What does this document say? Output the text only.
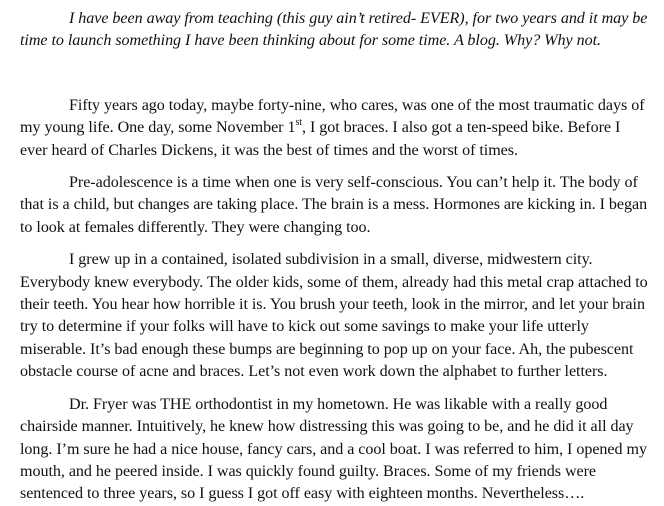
I have been away from teaching (this guy ain’t retired- EVER), for two years and it may be time to launch something I have been thinking about for some time. A blog. Why? Why not.

Fifty years ago today, maybe forty-nine, who cares, was one of the most traumatic days of my young life. One day, some November 1st, I got braces. I also got a ten-speed bike. Before I ever heard of Charles Dickens, it was the best of times and the worst of times.

Pre-adolescence is a time when one is very self-conscious. You can’t help it. The body of that is a child, but changes are taking place. The brain is a mess. Hormones are kicking in. I began to look at females differently. They were changing too.

I grew up in a contained, isolated subdivision in a small, diverse, midwestern city. Everybody knew everybody. The older kids, some of them, already had this metal crap attached to their teeth. You hear how horrible it is. You brush your teeth, look in the mirror, and let your brain try to determine if your folks will have to kick out some savings to make your life utterly miserable. It’s bad enough these bumps are beginning to pop up on your face. Ah, the pubescent obstacle course of acne and braces. Let’s not even work down the alphabet to further letters.

Dr. Fryer was THE orthodontist in my hometown. He was likable with a really good chairside manner. Intuitively, he knew how distressing this was going to be, and he did it all day long. I’m sure he had a nice house, fancy cars, and a cool boat. I was referred to him, I opened my mouth, and he peered inside. I was quickly found guilty. Braces. Some of my friends were sentenced to three years, so I guess I got off easy with eighteen months. Nevertheless….
